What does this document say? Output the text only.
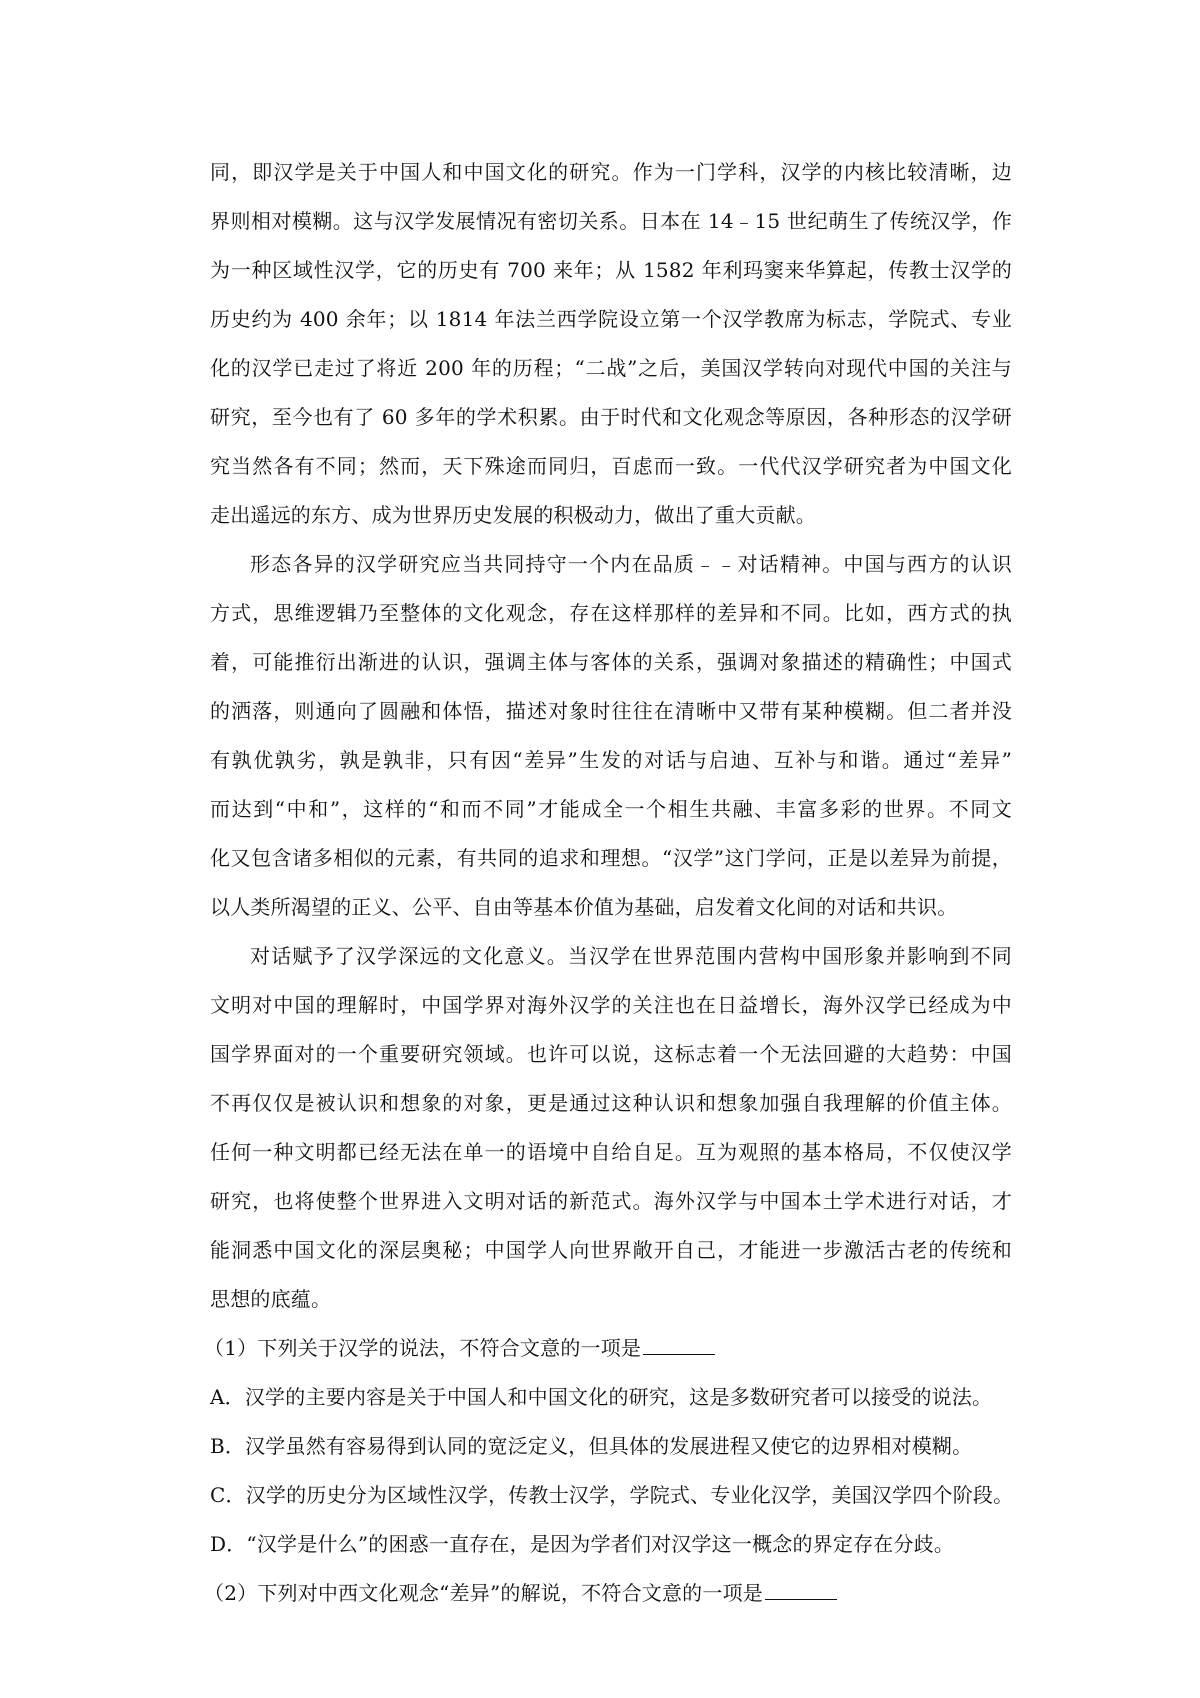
同，即汉学是关于中国人和中国文化的研究。作为一门学科，汉学的内核比较清晰，边
界则相对模糊。这与汉学发展情况有密切关系。日本在 14﹣15 世纪萌生了传统汉学，作
为一种区域性汉学，它的历史有 700 来年；从 1582 年利玛窦来华算起，传教士汉学的
历史约为 400 余年；以 1814 年法兰西学院设立第一个汉学教席为标志，学院式、专业
化的汉学已走过了将近 200 年的历程；“二战”之后，美国汉学转向对现代中国的关注与
研究，至今也有了 60 多年的学术积累。由于时代和文化观念等原因，各种形态的汉学研
究当然各有不同；然而，天下殊途而同归，百虑而一致。一代代汉学研究者为中国文化
走出遥远的东方、成为世界历史发展的积极动力，做出了重大贡献。
形态各异的汉学研究应当共同持守一个内在品质﹣﹣对话精神。中国与西方的认识
方式，思维逻辑乃至整体的文化观念，存在这样那样的差异和不同。比如，西方式的执
着，可能推衍出渐进的认识，强调主体与客体的关系，强调对象描述的精确性；中国式
的洒落，则通向了圆融和体悟，描述对象时往往在清晰中又带有某种模糊。但二者并没
有孰优孰劣，孰是孰非，只有因“差异”生发的对话与启迪、互补与和谐。通过“差异”
而达到“中和”，这样的“和而不同”才能成全一个相生共融、丰富多彩的世界。不同文
化又包含诸多相似的元素，有共同的追求和理想。“汉学”这门学问，正是以差异为前提，
以人类所渴望的正义、公平、自由等基本价值为基础，启发着文化间的对话和共识。
对话赋予了汉学深远的文化意义。当汉学在世界范围内营构中国形象并影响到不同
文明对中国的理解时，中国学界对海外汉学的关注也在日益增长，海外汉学已经成为中
国学界面对的一个重要研究领域。也许可以说，这标志着一个无法回避的大趋势：中国
不再仅仅是被认识和想象的对象，更是通过这种认识和想象加强自我理解的价值主体。
任何一种文明都已经无法在单一的语境中自给自足。互为观照的基本格局，不仅使汉学
研究，也将使整个世界进入文明对话的新范式。海外汉学与中国本土学术进行对话，才
能洞悉中国文化的深层奥秘；中国学人向世界敞开自己，才能进一步激活古老的传统和
思想的底蕴。
（1）下列关于汉学的说法，不符合文意的一项是
A．汉学的主要内容是关于中国人和中国文化的研究，这是多数研究者可以接受的说法。
B．汉学虽然有容易得到认同的宽泛定义，但具体的发展进程又使它的边界相对模糊。
C．汉学的历史分为区域性汉学，传教士汉学，学院式、专业化汉学，美国汉学四个阶段。
D．“汉学是什么”的困惑一直存在，是因为学者们对汉学这一概念的界定存在分歧。
（2）下列对中西文化观念“差异”的解说，不符合文意的一项是
